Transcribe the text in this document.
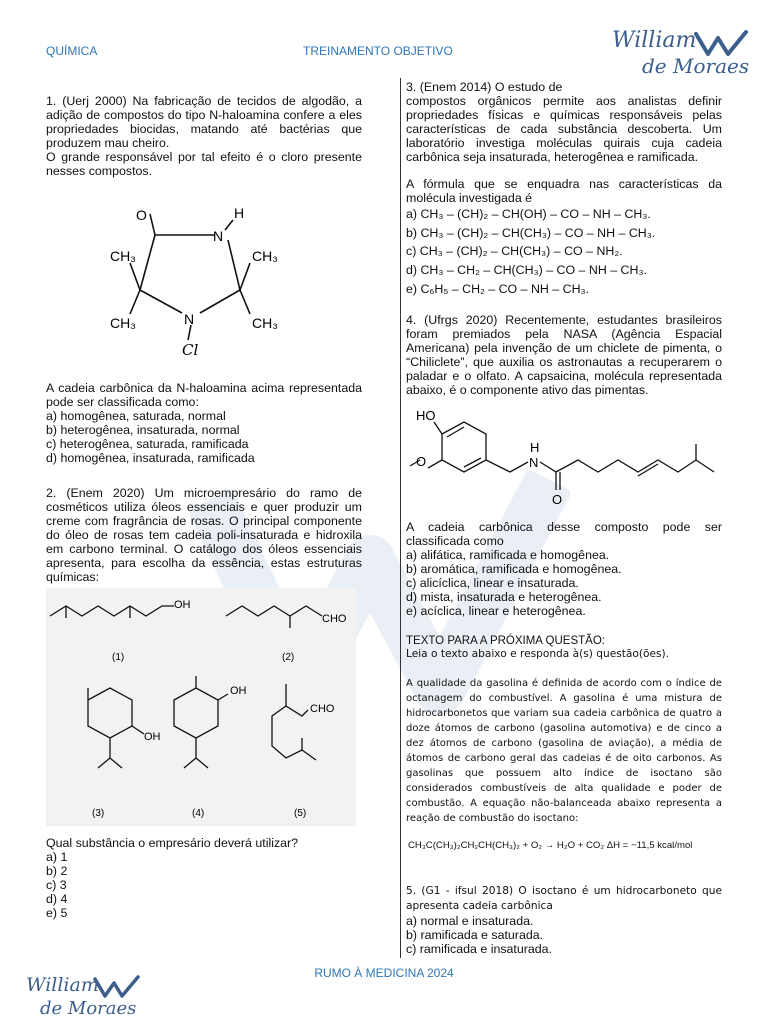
QUÍMICA	TREINAMENTO OBJETIVO	William
de Moraes

1. (Uerj 2000) Na fabricação de tecidos de algodão, a adição de compostos do tipo N-haloamina confere a eles propriedades biocidas, matando até bactérias que produzem mau cheiro.

O grande responsável por tal efeito é o cloro presente nesses compostos.

O
N
H
CH₃	CH₃
CH₃	CH₃
N
Cl

A cadeia carbônica da N-haloamina acima representada pode ser classificada como:

a) homogênea, saturada, normal
b) heterogênea, insaturada, normal
c) heterogênea, saturada, ramificada
d) homogênea, insaturada, ramificada

2. (Enem 2020) Um microempresário do ramo de cosméticos utiliza óleos essenciais e quer produzir um creme com fragrância de rosas. O principal componente do óleo de rosas tem cadeia poli-insaturada e hidroxila em carbono terminal. O catálogo dos óleos essenciais apresenta, para escolha da essência, estas estruturas químicas:

OH
CHO
OH
OH
CHO
(1)	(2)
(3)	(4)	(5)

Qual substância o empresário deverá utilizar?

a) 1
b) 2
c) 3
d) 4
e) 5

3. (Enem 2014) O estudo de

compostos orgânicos permite aos analistas definir propriedades físicas e químicas responsáveis pelas características de cada substância descoberta. Um laboratório investiga moléculas quirais cuja cadeia carbônica seja insaturada, heterogênea e ramificada.

A fórmula que se enquadra nas características da molécula investigada é

a) CH₃ – (CH)₂ – CH(OH) – CO – NH – CH₃.
b) CH₃ – (CH)₂ – CH(CH₃) – CO – NH – CH₃.
c) CH₃ – (CH)₂ – CH(CH₃) – CO – NH₂.
d) CH₃ – CH₂ – CH(CH₃) – CO – NH – CH₃.
e) C₆H₅ – CH₂ – CO – NH – CH₃.

4. (Ufrgs 2020) Recentemente, estudantes brasileiros foram premiados pela NASA (Agência Espacial Americana) pela invenção de um chiclete de pimenta, o “Chiliclete”, que auxilia os astronautas a recuperarem o paladar e o olfato. A capsaicina, molécula representada abaixo, é o componente ativo das pimentas.

HO
O	N
H
O

A cadeia carbônica desse composto pode ser classificada como

a) alifática, ramificada e homogênea.
b) aromática, ramificada e homogênea.
c) alicíclica, linear e insaturada.
d) mista, insaturada e heterogênea.
e) acíclica, linear e heterogênea.
TEXTO PARA A PRÓXIMA QUESTÃO:
Leia o texto abaixo e responda à(s) questão(ões).
A qualidade da gasolina é definida de acordo com o índice de octanagem do combustível. A gasolina é uma mistura de hidrocarbonetos que variam sua cadeia carbônica de quatro a doze átomos de carbono (gasolina automotiva) e de cinco a dez átomos de carbono (gasolina de aviação), a média de átomos de carbono geral das cadeias é de oito carbonos. As gasolinas que possuem alto índice de isoctano são considerados combustíveis de alta qualidade e poder de combustão. A equação não-balanceada abaixo representa a reação de combustão do isoctano:
CH₃C(CH₃)₂CH₂CH(CH₃)₂ + O₂ → H₂O + CO₂ ΔH = −11,5 kcal/mol
5. (G1 - ifsul 2018) O isoctano é um hidrocarboneto que apresenta cadeia carbônica
a) normal e insaturada.
b) ramificada e saturada.
c) ramificada e insaturada.
RUMO À MEDICINA 2024
William
de Moraes
